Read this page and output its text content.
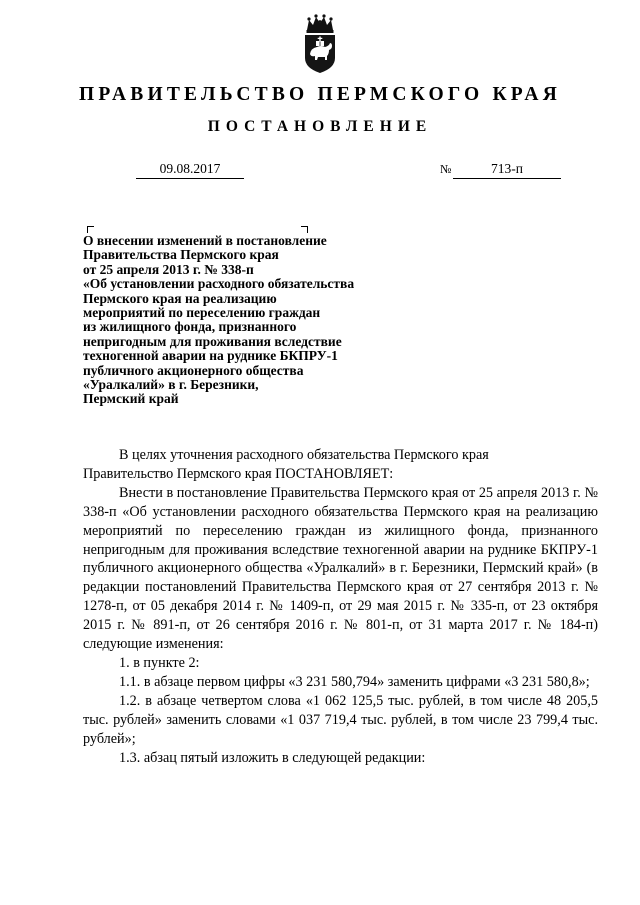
ПРАВИТЕЛЬСТВО ПЕРМСКОГО КРАЯ
ПОСТАНОВЛЕНИЕ
09.08.2017	№	713-п
О внесении изменений в постановление
Правительства Пермского края
от 25 апреля 2013 г. № 338-п
«Об установлении расходного обязательства
Пермского края на реализацию
мероприятий по переселению граждан
из жилищного фонда, признанного
непригодным для проживания вследствие
техногенной аварии на руднике БКПРУ-1
публичного акционерного общества
«Уралкалий» в г. Березники,
Пермский край

В целях уточнения расходного обязательства Пермского края

Правительство Пермского края ПОСТАНОВЛЯЕТ:

Внести в постановление Правительства Пермского края от 25 апреля 2013 г. № 338-п «Об установлении расходного обязательства Пермского края на реализацию мероприятий по переселению граждан из жилищного фонда, признанного непригодным для проживания вследствие техногенной аварии на руднике БКПРУ-1 публичного акционерного общества «Уралкалий» в г. Березники, Пермский край» (в редакции постановлений Правительства Пермского края от 27 сентября 2013 г. № 1278-п, от 05 декабря 2014 г. № 1409-п, от 29 мая 2015 г. № 335-п, от 23 октября 2015 г. № 891-п, от 26 сентября 2016 г. № 801-п, от 31 марта 2017 г. № 184-п) следующие изменения:

1. в пункте 2:

1.1. в абзаце первом цифры «3 231 580,794» заменить цифрами «3 231 580,8»;

1.2. в абзаце четвертом слова «1 062 125,5 тыс. рублей, в том числе 48 205,5 тыс. рублей» заменить словами «1 037 719,4 тыс. рублей, в том числе 23 799,4 тыс. рублей»;

1.3. абзац пятый изложить в следующей редакции:
